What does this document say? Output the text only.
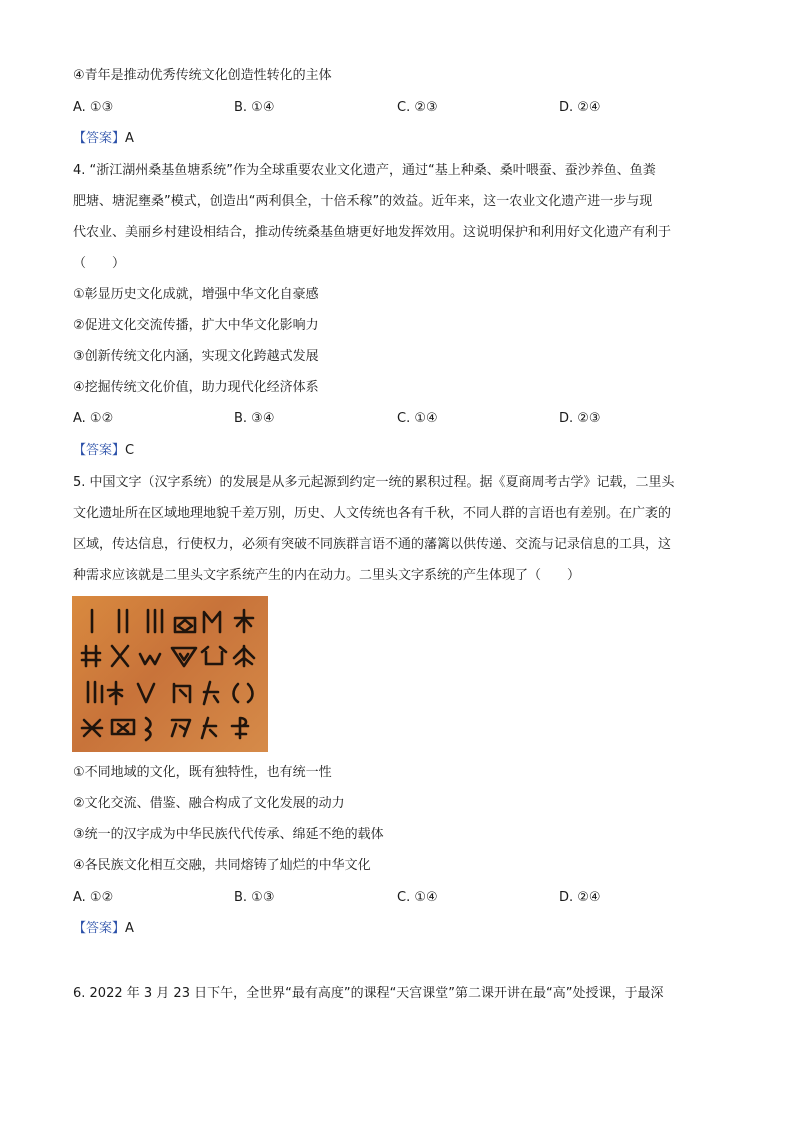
④青年是推动优秀传统文化创造性转化的主体
A. ①③	B. ①④	C. ②③	D. ②④
【答案】A
4. “浙江湖州桑基鱼塘系统”作为全球重要农业文化遗产，通过“基上种桑、桑叶喂蚕、蚕沙养鱼、鱼粪
肥塘、塘泥壅桑”模式，创造出“两利俱全，十倍禾稼”的效益。近年来，这一农业文化遗产进一步与现
代农业、美丽乡村建设相结合，推动传统桑基鱼塘更好地发挥效用。这说明保护和利用好文化遗产有利于
（　　）
①彰显历史文化成就，增强中华文化自豪感
②促进文化交流传播，扩大中华文化影响力
③创新传统文化内涵，实现文化跨越式发展
④挖掘传统文化价值，助力现代化经济体系
A. ①②	B. ③④	C. ①④	D. ②③
【答案】C
5. 中国文字（汉字系统）的发展是从多元起源到约定一统的累积过程。据《夏商周考古学》记载，二里头
文化遗址所在区域地理地貌千差万别，历史、人文传统也各有千秋，不同人群的言语也有差别。在广袤的
区域，传达信息，行使权力，必须有突破不同族群言语不通的藩篱以供传递、交流与记录信息的工具，这
种需求应该就是二里头文字系统产生的内在动力。二里头文字系统的产生体现了（　　）
①不同地域的文化，既有独特性，也有统一性
②文化交流、借鉴、融合构成了文化发展的动力
③统一的汉字成为中华民族代代传承、绵延不绝的载体
④各民族文化相互交融，共同熔铸了灿烂的中华文化
A. ①②	B. ①③	C. ①④	D. ②④
【答案】A
6. 2022 年 3 月 23 日下午，全世界“最有高度”的课程“天宫课堂”第二课开讲在最“高”处授课，于最深
